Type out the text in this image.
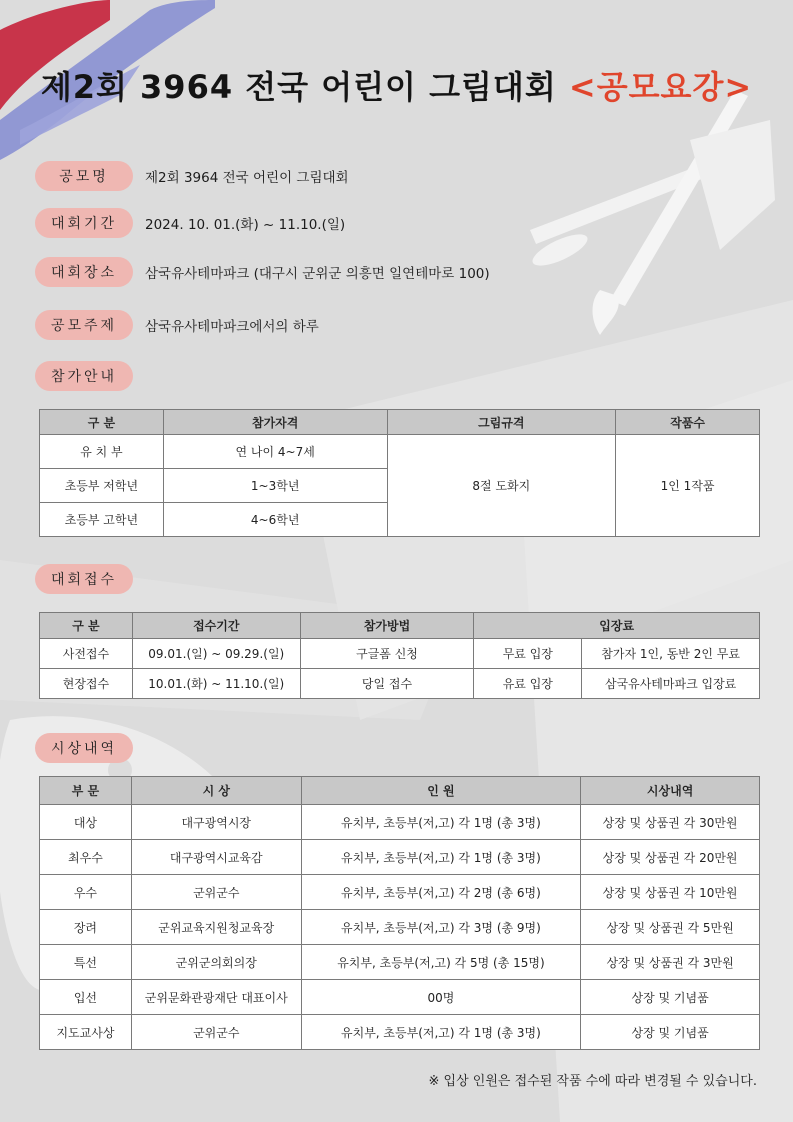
제2회 3964 전국 어린이 그림대회 <공모요강>
공모명	제2회 3964 전국 어린이 그림대회
대회기간	2024. 10. 01.(화) ~ 11.10.(일)
대회장소	삼국유사테마파크 (대구시 군위군 의흥면 일연테마로 100)
공모주제	삼국유사테마파크에서의 하루
참가안내
구 분	참가자격	그림규격	작품수
유 치 부	연 나이 4~7세	8절 도화지	1인 1작품
초등부 저학년	1~3학년		
초등부 고학년	4~6학년		
대회접수
구 분	접수기간	참가방법	입장료	
사전접수	09.01.(일) ~ 09.29.(일)	구글폼 신청	무료 입장	참가자 1인, 동반 2인 무료
현장접수	10.01.(화) ~ 11.10.(일)	당일 접수	유료 입장	삼국유사테마파크 입장료
시상내역
부 문	시 상	인 원	시상내역
대상	대구광역시장	유치부, 초등부(저,고) 각 1명 (총 3명)	상장 및 상품권 각 30만원
최우수	대구광역시교육감	유치부, 초등부(저,고) 각 1명 (총 3명)	상장 및 상품권 각 20만원
우수	군위군수	유치부, 초등부(저,고) 각 2명 (총 6명)	상장 및 상품권 각 10만원
장려	군위교육지원청교육장	유치부, 초등부(저,고) 각 3명 (총 9명)	상장 및 상품권 각 5만원
특선	군위군의회의장	유치부, 초등부(저,고) 각 5명 (총 15명)	상장 및 상품권 각 3만원
입선	군위문화관광재단 대표이사	00명	상장 및 기념품
지도교사상	군위군수	유치부, 초등부(저,고) 각 1명 (총 3명)	상장 및 기념품
※ 입상 인원은 접수된 작품 수에 따라 변경될 수 있습니다.
